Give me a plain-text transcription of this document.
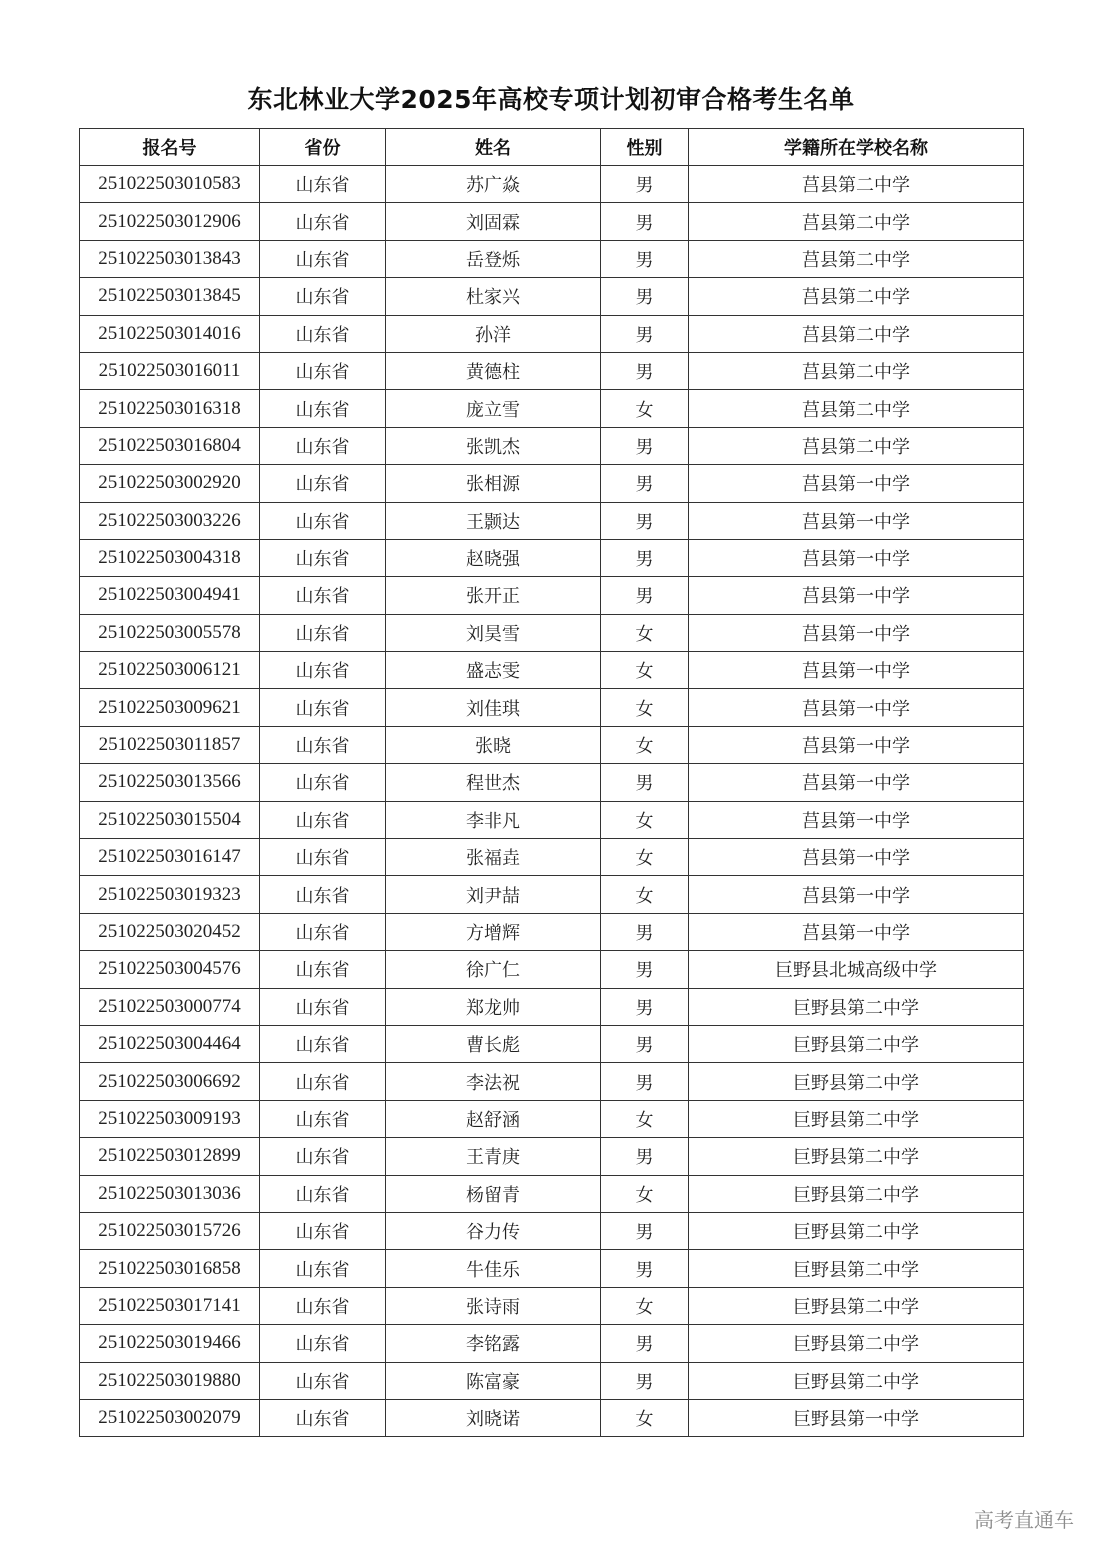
东北林业大学2025年高校专项计划初审合格考生名单
报名号	省份	姓名	性别	学籍所在学校名称
251022503010583	山东省	苏广焱	男	莒县第二中学
251022503012906	山东省	刘固霖	男	莒县第二中学
251022503013843	山东省	岳登烁	男	莒县第二中学
251022503013845	山东省	杜家兴	男	莒县第二中学
251022503014016	山东省	孙洋	男	莒县第二中学
251022503016011	山东省	黄德柱	男	莒县第二中学
251022503016318	山东省	庞立雪	女	莒县第二中学
251022503016804	山东省	张凯杰	男	莒县第二中学
251022503002920	山东省	张相源	男	莒县第一中学
251022503003226	山东省	王颢达	男	莒县第一中学
251022503004318	山东省	赵晓强	男	莒县第一中学
251022503004941	山东省	张开正	男	莒县第一中学
251022503005578	山东省	刘昊雪	女	莒县第一中学
251022503006121	山东省	盛志雯	女	莒县第一中学
251022503009621	山东省	刘佳琪	女	莒县第一中学
251022503011857	山东省	张晓	女	莒县第一中学
251022503013566	山东省	程世杰	男	莒县第一中学
251022503015504	山东省	李非凡	女	莒县第一中学
251022503016147	山东省	张福垚	女	莒县第一中学
251022503019323	山东省	刘尹喆	女	莒县第一中学
251022503020452	山东省	方增辉	男	莒县第一中学
251022503004576	山东省	徐广仁	男	巨野县北城高级中学
251022503000774	山东省	郑龙帅	男	巨野县第二中学
251022503004464	山东省	曹长彪	男	巨野县第二中学
251022503006692	山东省	李法祝	男	巨野县第二中学
251022503009193	山东省	赵舒涵	女	巨野县第二中学
251022503012899	山东省	王青庚	男	巨野县第二中学
251022503013036	山东省	杨留青	女	巨野县第二中学
251022503015726	山东省	谷力传	男	巨野县第二中学
251022503016858	山东省	牛佳乐	男	巨野县第二中学
251022503017141	山东省	张诗雨	女	巨野县第二中学
251022503019466	山东省	李铭露	男	巨野县第二中学
251022503019880	山东省	陈富豪	男	巨野县第二中学
251022503002079	山东省	刘晓诺	女	巨野县第一中学
高考直通车
